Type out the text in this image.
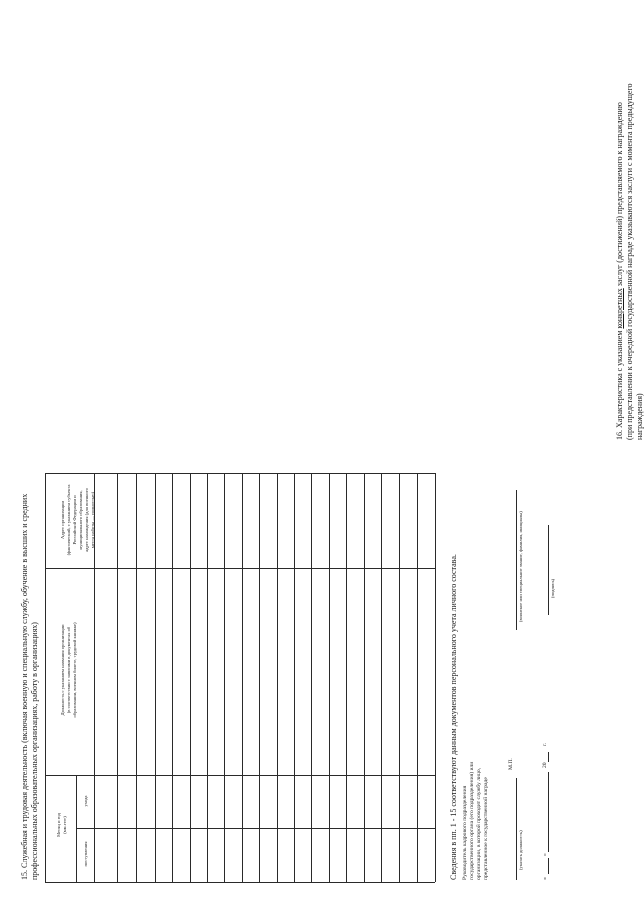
15. Служебная и трудовая деятельность (включая военную и специальную службу, обучение в высших и средних профессиональных образовательных организациях, работу в организациях)	Месяц и год (мм.гггг)
поступления
ухода
Должность с указанием названия организации (в соответствии с записями в документах об образовании, военном билете, трудовой книжке)
Адрес организации (фактический, с указанием субъекта Российской Федерации и муниципального образования, адрес нахождения (для военного места работы — полностью)
Сведения в пп. 1 - 15 соответствуют данным документов персонального учета личного состава. Руководитель кадрового подразделения государственного органа (его подразделения) или организации, в которой проходит службу лицо, представленное к государственной награде	(указать должность)
М.П.
(воинское или специальное звание, фамилия, инициалы)
«
»
20
г.
(подпись)
16. Характеристика с указанием конкретных заслуг (достижений) представляемого к награждению (при представлении к очередной государственной награде указываются заслуги с момента предыдущего награждения)
